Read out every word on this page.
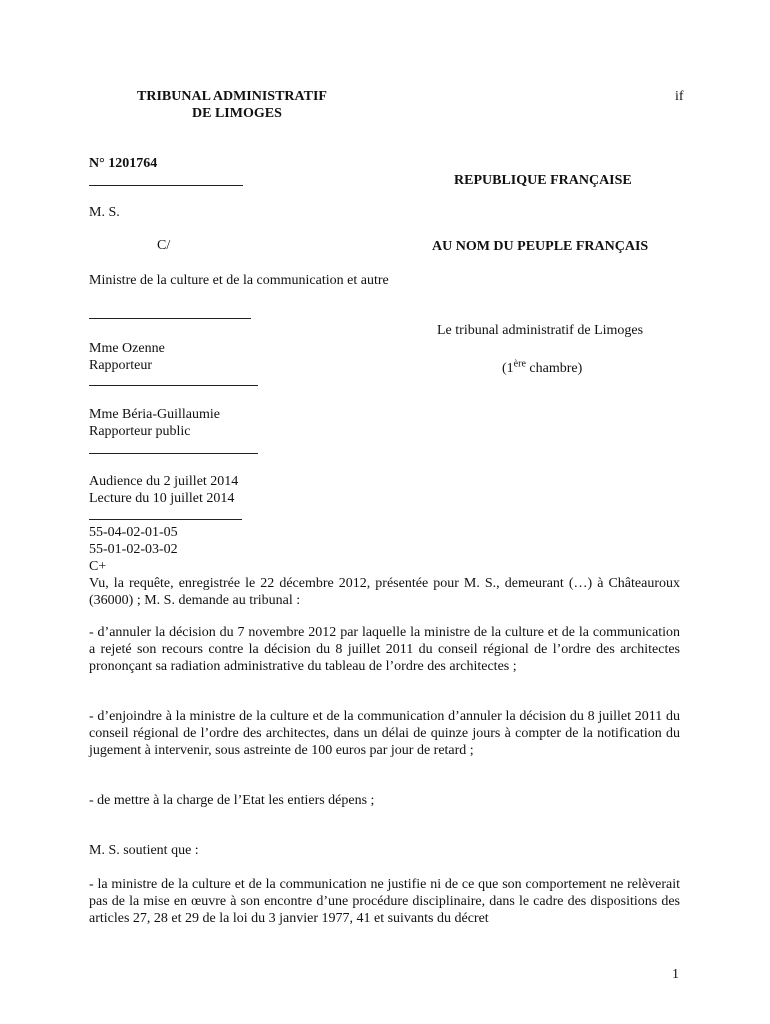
TRIBUNAL ADMINISTRATIF
DE LIMOGES
if
N° 1201764
M. S.
C/
Ministre de la culture et de la communication et autre
Mme Ozenne
Rapporteur
Mme Béria-Guillaumie
Rapporteur public
Audience du 2 juillet 2014
Lecture du 10 juillet 2014
55-04-02-01-05
55-01-02-03-02
C+
REPUBLIQUE FRANÇAISE
AU NOM DU PEUPLE FRANÇAIS
Le tribunal administratif de Limoges
(1ère chambre)
Vu, la requête, enregistrée le 22 décembre 2012, présentée pour M. S., demeurant (…) à Châteauroux (36000) ; M. S. demande au tribunal :
- d’annuler la décision du 7 novembre 2012 par laquelle la ministre de la culture et de la communication a rejeté son recours contre la décision du 8 juillet 2011 du conseil régional de l’ordre des architectes prononçant sa radiation administrative du tableau de l’ordre des architectes ;
- d’enjoindre à la ministre de la culture et de la communication d’annuler la décision du 8 juillet 2011 du conseil régional de l’ordre des architectes, dans un délai de quinze jours à compter de la notification du jugement à intervenir, sous astreinte de 100 euros par jour de retard ;
- de mettre à la charge de l’Etat les entiers dépens ;
M. S. soutient que :
- la ministre de la culture et de la communication ne justifie ni de ce que son comportement ne relèverait pas de la mise en œuvre à son encontre d’une procédure disciplinaire, dans le cadre des dispositions des articles 27, 28 et 29 de la loi du 3 janvier 1977, 41 et suivants du décret
1
